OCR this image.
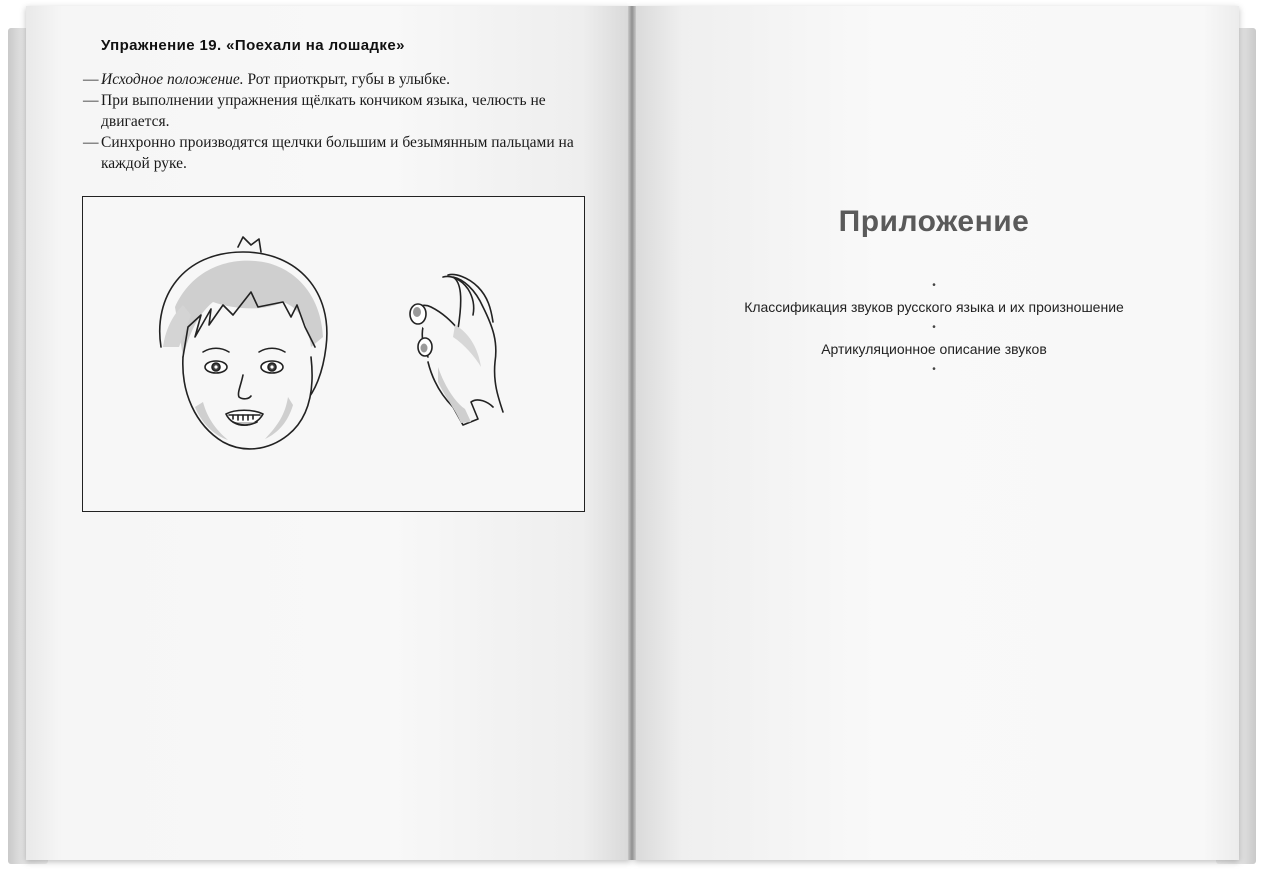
Упражнение 19. «Поехали на лошадке»
— Исходное положение. Рот приоткрыт, губы в улыбке.
— При выполнении упражнения щёлкать кончиком языка, челюсть не двигается.
— Синхронно производятся щелчки большим и безымянным пальцами на каждой руке.
Приложение
•
Классификация звуков русского языка и их произношение
•
Артикуляционное описание звуков
•
